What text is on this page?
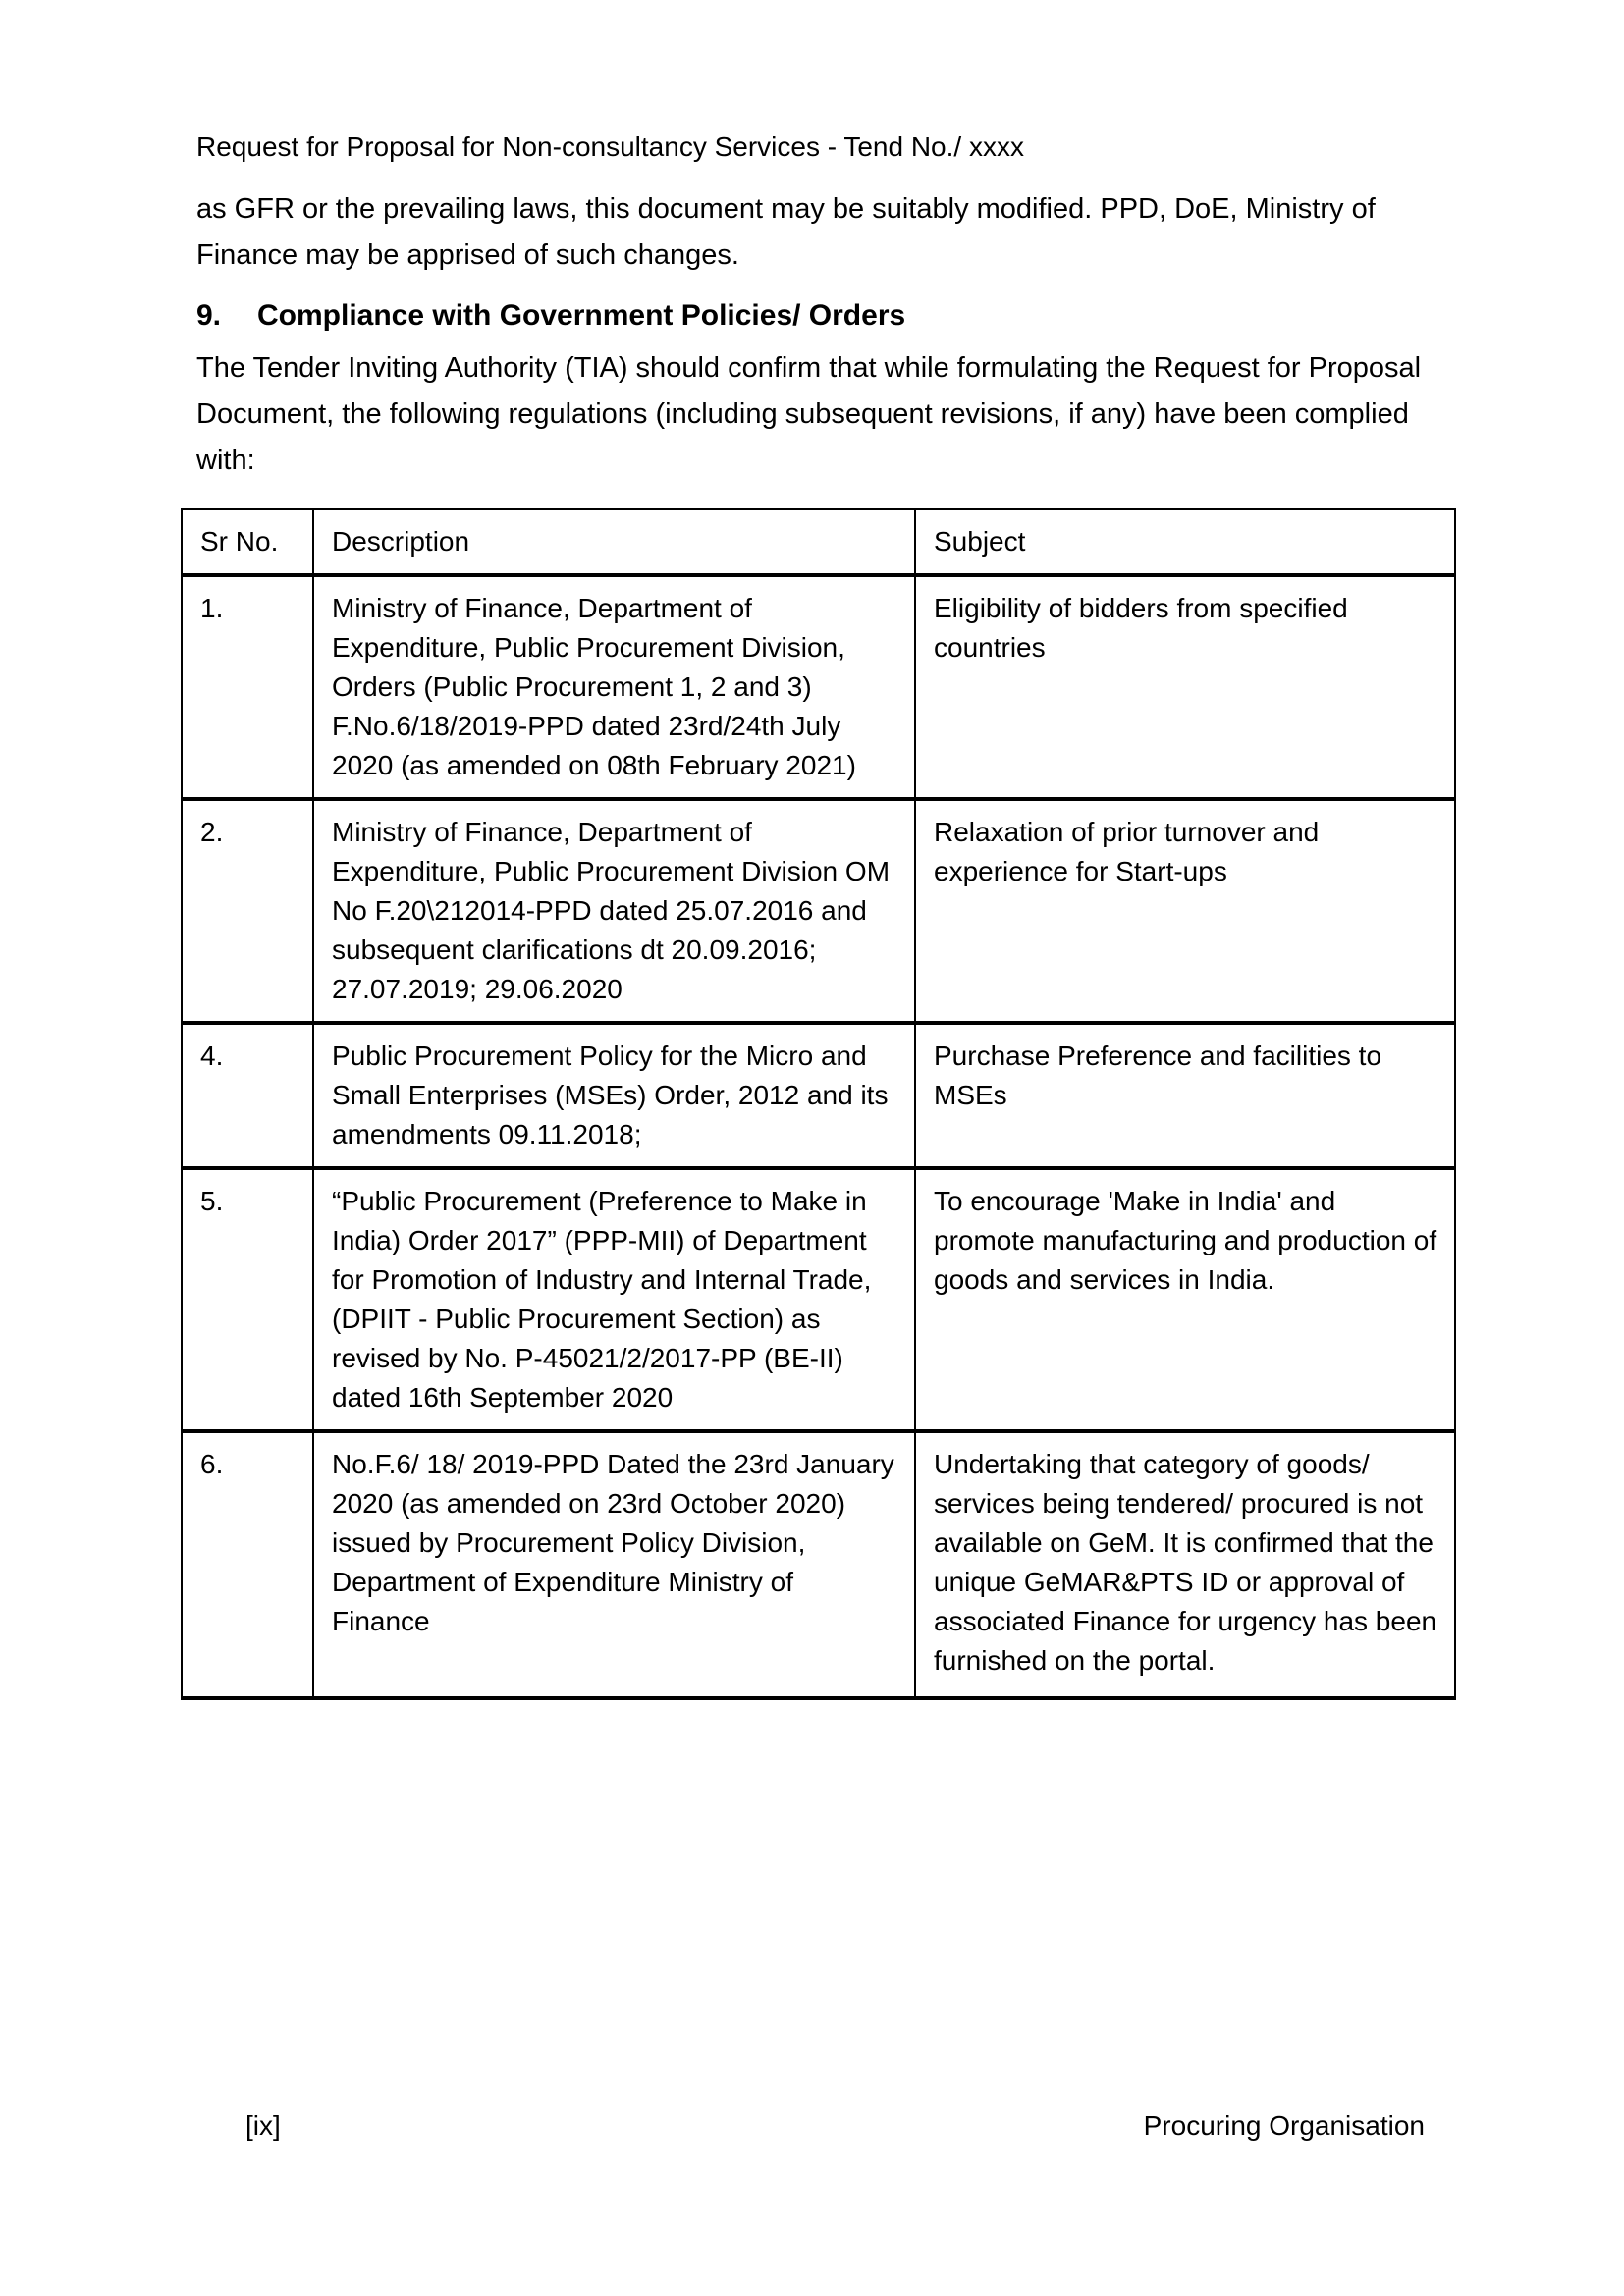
Request for Proposal for Non-consultancy Services - Tend No./ xxxx
as GFR or the prevailing laws, this document may be suitably modified. PPD, DoE, Ministry of Finance may be apprised of such changes.
9. Compliance with Government Policies/ Orders
The Tender Inviting Authority (TIA) should confirm that while formulating the Request for Proposal Document, the following regulations (including subsequent revisions, if any) have been complied with:
Sr No.	Description	Subject
1.	Ministry of Finance, Department of Expenditure, Public Procurement Division, Orders (Public Procurement 1, 2 and 3) F.No.6/18/2019-PPD dated 23rd/24th July 2020 (as amended on 08th February 2021)	Eligibility of bidders from specified countries
2.	Ministry of Finance, Department of Expenditure, Public Procurement Division OM No F.20\212014-PPD dated 25.07.2016 and subsequent clarifications dt 20.09.2016; 27.07.2019; 29.06.2020	Relaxation of prior turnover and experience for Start-ups
4.	Public Procurement Policy for the Micro and Small Enterprises (MSEs) Order, 2012 and its amendments 09.11.2018;	Purchase Preference and facilities to MSEs
5.	“Public Procurement (Preference to Make in India) Order 2017” (PPP-MII) of Department for Promotion of Industry and Internal Trade, (DPIIT - Public Procurement Section) as revised by No. P-45021/2/2017-PP (BE-II) dated 16th September 2020	To encourage 'Make in India' and promote manufacturing and production of goods and services in India.
6.	No.F.6/ 18/ 2019-PPD Dated the 23rd January 2020 (as amended on 23rd October 2020) issued by Procurement Policy Division, Department of Expenditure Ministry of Finance	Undertaking that category of goods/ services being tendered/ procured is not available on GeM. It is confirmed that the unique GeMAR&PTS ID or approval of associated Finance for urgency has been furnished on the portal.
[ix]	Procuring Organisation
